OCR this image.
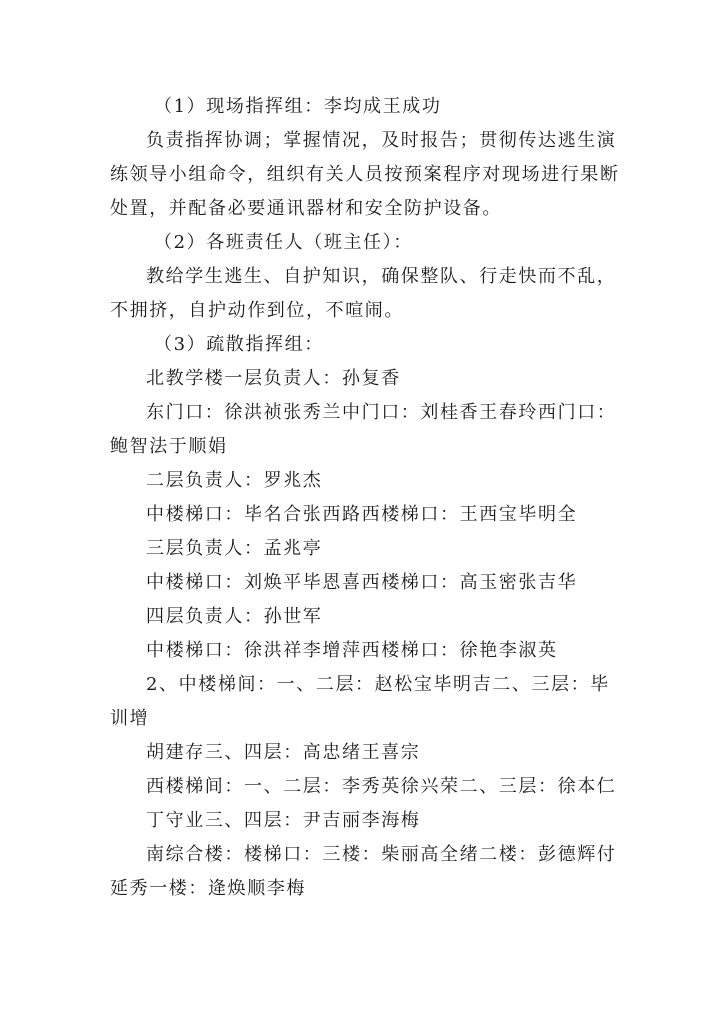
（1）现场指挥组：李均成王成功

负责指挥协调；掌握情况，及时报告；贯彻传达逃生演

练领导小组命令，组织有关人员按预案程序对现场进行果断

处置，并配备必要通讯器材和安全防护设备。

（2）各班责任人（班主任）：

教给学生逃生、自护知识，确保整队、行走快而不乱，

不拥挤，自护动作到位，不喧闹。

（3）疏散指挥组：

北教学楼一层负责人：孙复香

东门口：徐洪祯张秀兰中门口：刘桂香王春玲西门口：

鲍智法于顺娟

二层负责人：罗兆杰

中楼梯口：毕名合张西路西楼梯口：王西宝毕明全

三层负责人：孟兆亭

中楼梯口：刘焕平毕恩喜西楼梯口：高玉密张吉华

四层负责人：孙世军

中楼梯口：徐洪祥李增萍西楼梯口：徐艳李淑英

2、中楼梯间：一、二层：赵松宝毕明吉二、三层：毕

训增

胡建存三、四层：高忠绪王喜宗

西楼梯间：一、二层：李秀英徐兴荣二、三层：徐本仁

丁守业三、四层：尹吉丽李海梅

南综合楼：楼梯口：三楼：柴丽高全绪二楼：彭德辉付

延秀一楼：逄焕顺李梅
